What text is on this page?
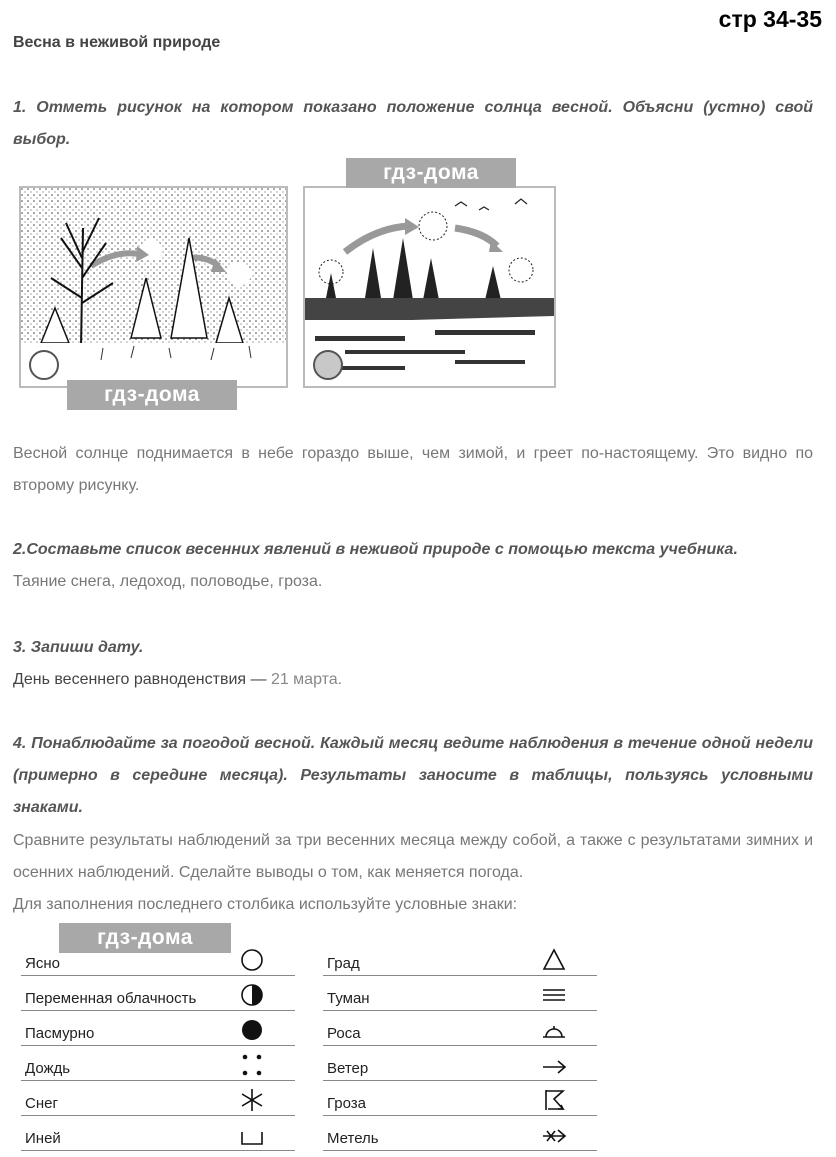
стр 34-35
Весна в неживой природе
1. Отметь рисунок на котором показано положение солнца весной. Объясни (устно) свой выбор.
гдз-дома
гдз-дома
Весной солнце поднимается в небе гораздо выше, чем зимой, и греет по-настоящему. Это видно по второму рисунку.
2.Составьте список весенних явлений в неживой природе с помощью текста учебника.
Таяние снега, ледоход, половодье, гроза.
3. Запиши дату.
День весеннего равноденствия — 21 марта.
4. Понаблюдайте за погодой весной. Каждый месяц ведите наблюдения в течение одной недели (примерно в середине месяца). Результаты заносите в таблицы, пользуясь условными знаками.
Сравните результаты наблюдений за три весенних месяца между собой, а также с результатами зимних и осенних наблюдений. Сделайте выводы о том, как меняется погода.
Для заполнения последнего столбика используйте условные знаки:
Ясно
Переменная облачность
Пасмурно
Дождь
Снег
Иней
гдз-дома
Град
Туман
Роса
Ветер
Гроза
Метель
